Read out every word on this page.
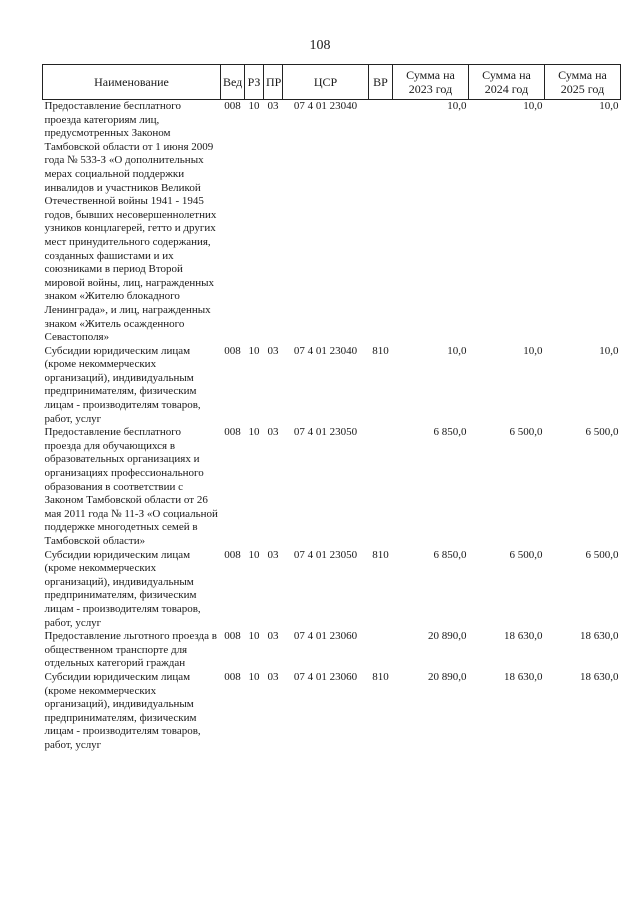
108
Наименование	Вед	РЗ	ПР	ЦСР	ВР	Сумма на 2023 год	Сумма на 2024 год	Сумма на 2025 год
Предоставление бесплатного проезда категориям лиц, предусмотренных Законом Тамбовской области от 1 июня 2009 года № 533-З «О дополнительных мерах социальной поддержки инвалидов и участников Великой Отечественной войны 1941 - 1945 годов, бывших несовершеннолетних узников концлагерей, гетто и других мест принудительного содержания, созданных фашистами и их союзниками в период Второй мировой войны, лиц, награжденных знаком «Жителю блокадного Ленинграда», и лиц, награжденных знаком «Житель осажденного Севастополя»	008	10	03	07 4 01 23040		10,0	10,0	10,0
Субсидии юридическим лицам (кроме некоммерческих организаций), индивидуальным предпринимателям, физическим лицам - производителям товаров, работ, услуг	008	10	03	07 4 01 23040	810	10,0	10,0	10,0
Предоставление бесплатного проезда для обучающихся в образовательных организациях и организациях профессионального образования в соответствии с Законом Тамбовской области от 26 мая 2011 года № 11-З «О социальной поддержке многодетных семей в Тамбовской области»	008	10	03	07 4 01 23050		6 850,0	6 500,0	6 500,0
Субсидии юридическим лицам (кроме некоммерческих организаций), индивидуальным предпринимателям, физическим лицам - производителям товаров, работ, услуг	008	10	03	07 4 01 23050	810	6 850,0	6 500,0	6 500,0
Предоставление льготного проезда в общественном транспорте для отдельных категорий граждан	008	10	03	07 4 01 23060		20 890,0	18 630,0	18 630,0
Субсидии юридическим лицам (кроме некоммерческих организаций), индивидуальным предпринимателям, физическим лицам - производителям товаров, работ, услуг	008	10	03	07 4 01 23060	810	20 890,0	18 630,0	18 630,0
